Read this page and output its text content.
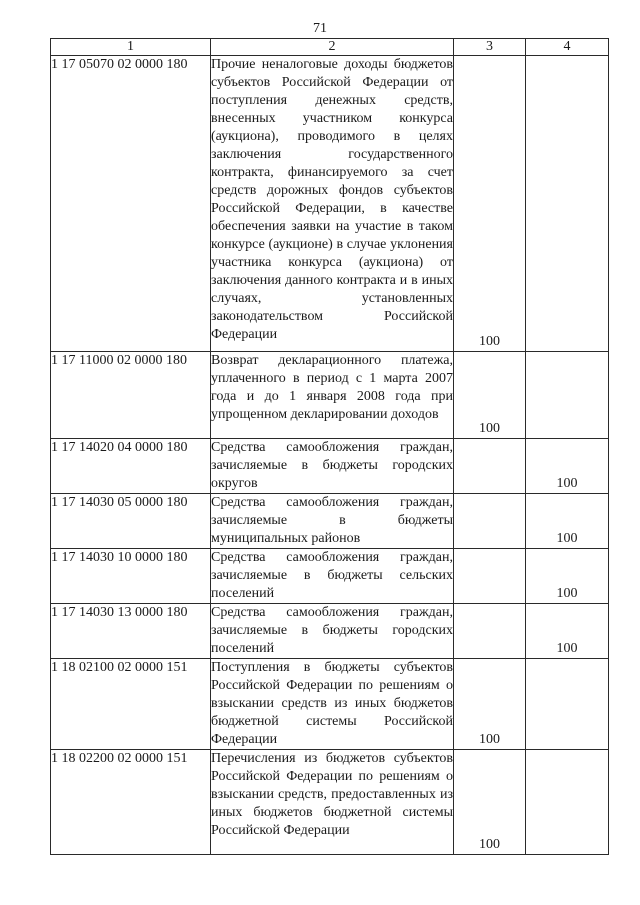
71
1	2	3	4
1 17 05070 02 0000 180	Прочие неналоговые доходы бюджетов субъектов Российской Федерации от поступления денежных средств, внесенных участником конкурса (аукциона), проводимого в целях заключения государственного контракта, финансируемого за счет средств дорожных фондов субъектов Российской Федерации, в качестве обеспечения заявки на участие в таком конкурсе (аукционе) в случае уклонения участника конкурса (аукциона) от заключения данного контракта и в иных случаях, установленных законодательством Российской Федерации	100	
1 17 11000 02 0000 180	Возврат декларационного платежа, уплаченного в период с 1 марта 2007 года и до 1 января 2008 года при упрощенном декларировании доходов	100	
1 17 14020 04 0000 180	Средства самообложения граждан, зачисляемые в бюджеты городских округов		100
1 17 14030 05 0000 180	Средства самообложения граждан, зачисляемые в бюджеты муниципальных районов		100
1 17 14030 10 0000 180	Средства самообложения граждан, зачисляемые в бюджеты сельских поселений		100
1 17 14030 13 0000 180	Средства самообложения граждан, зачисляемые в бюджеты городских поселений		100
1 18 02100 02 0000 151	Поступления в бюджеты субъектов Российской Федерации по решениям о взыскании средств из иных бюджетов бюджетной системы Российской Федерации	100	
1 18 02200 02 0000 151	Перечисления из бюджетов субъектов Российской Федерации по решениям о взыскании средств, предоставленных из иных бюджетов бюджетной системы Российской Федерации	100	
